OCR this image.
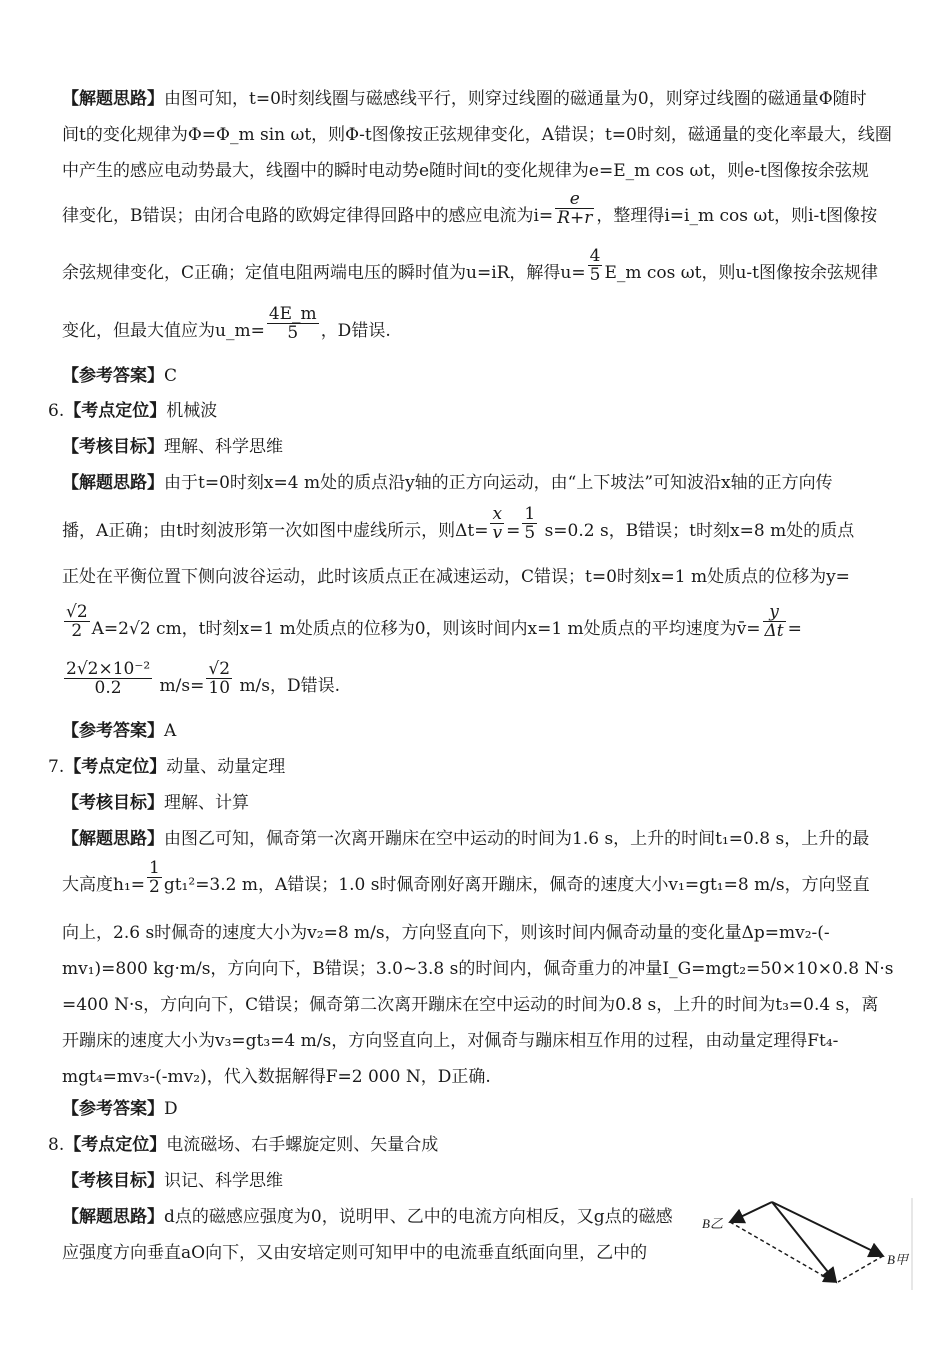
【解题思路】由图可知，t=0时刻线圈与磁感线平行，则穿过线圈的磁通量为0，则穿过线圈的磁通量Φ随时
间t的变化规律为Φ=Φ_m sin ωt，则Φ-t图像按正弦规律变化，A错误；t=0时刻，磁通量的变化率最大，线圈
中产生的感应电动势最大，线圈中的瞬时电动势e随时间t的变化规律为e=E_m cos ωt，则e-t图像按余弦规
律变化，B错误；由闭合电路的欧姆定律得回路中的感应电流为$i= \frac{e}{R+r}$ ，整理得i=i_m cos ωt，则i-t图像按
余弦规律变化，C正确；定值电阻两端电压的瞬时值为u=iR，解得$u= \frac{4}{5}$ E_m cos ωt，则u-t图像按余弦规律
变化，但最大值应为u_m= $\frac{4E\_m}{5}$ ，D错误.
【参考答案】C
6.【考点定位】机械波
【考核目标】理解、科学思维
【解题思路】由于t=0时刻x=4 m处的质点沿y轴的正方向运动，由“上下坡法”可知波沿x轴的正方向传
播，A正确；由t时刻波形第一次如图中虚线所示，则$\Delta t= \frac{x}{v} = \frac{1}{5} s=0.2$ s，B错误；t时刻x=8 m处的质点
正处在平衡位置下侧向波谷运动，此时该质点正在减速运动，C错误；t=0时刻x=1 m处质点的位移为y=
$\frac{√2}{2} A=2√2$ cm，t时刻x=1 m处质点的位移为0，则该时间内x=1 m处质点的平均速度为v̄= $\frac{y}{\Delta t}$ =
$\frac{\text{2√2×10⁻²}}{0.2} m/s= \frac{√2}{10} m/s$，D错误.
【参考答案】A
7.【考点定位】动量、动量定理
【考核目标】理解、计算
【解题思路】由图乙可知，佩奇第一次离开蹦床在空中运动的时间为1.6 s，上升的时间t₁=0.8 s，上升的最
大高度$h_1= \frac{1}{2} gt_1^2=3.2$ m，A错误；1.0 s时佩奇刚好离开蹦床，佩奇的速度大小v₁=gt₁=8 m/s，方向竖直
向上，2.6 s时佩奇的速度大小为v₂=8 m/s，方向竖直向下，则该时间内佩奇动量的变化量Δp=mv₂-(-
mv₁)=800 kg·m/s，方向向下，B错误；3.0~3.8 s的时间内，佩奇重力的冲量I_G=mgt₂=50×10×0.8 N·s
=400 N·s，方向向下，C错误；佩奇第二次离开蹦床在空中运动的时间为0.8 s，上升的时间为t₃=0.4 s，离
开蹦床的速度大小为v₃=gt₃=4 m/s，方向竖直向上，对佩奇与蹦床相互作用的过程，由动量定理得Ft₄-
mgt₄=mv₃-(-mv₂)，代入数据解得F=2 000 N，D正确.
【参考答案】D
8.【考点定位】电流磁场、右手螺旋定则、矢量合成
【考核目标】识记、科学思维
【解题思路】d点的磁感应强度为0，说明甲、乙中的电流方向相反，又g点的磁感
应强度方向垂直aO向下，又由安培定则可知甲中的电流垂直纸面向里，乙中的
B乙
B甲
